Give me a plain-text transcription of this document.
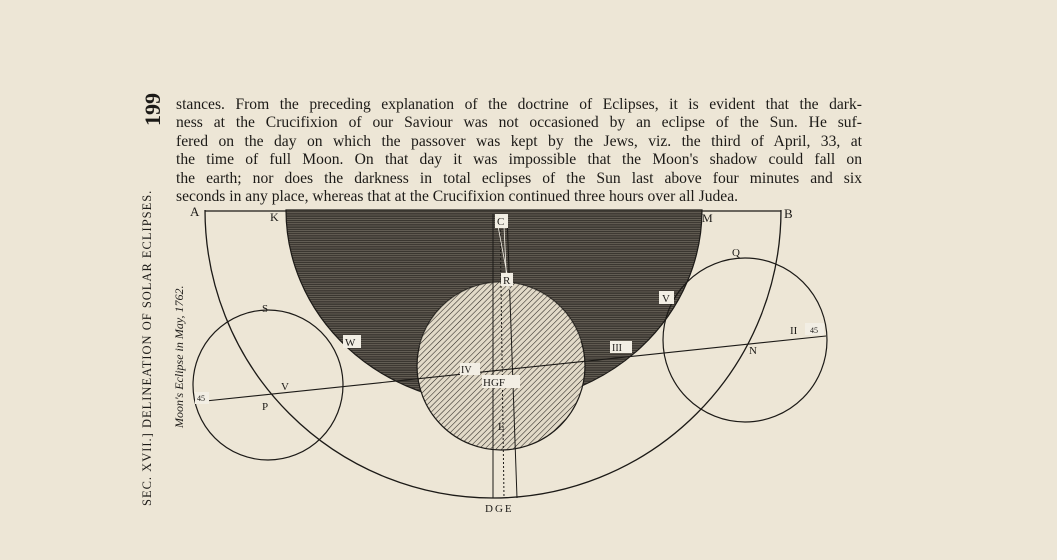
199
SEC. XVII.] DELINEATION OF SOLAR ECLIPSES. Moon's Eclipse in May, 1762.
stances. From the preceding explanation of the doctrine of Eclipses, it is evident that the dark-
ness at the Crucifixion of our Saviour was not occasioned by an eclipse of the Sun. He suf-
fered on the day on which the passover was kept by the Jews, viz. the third of April, 33, at
the time of full Moon. On that day it was impossible that the Moon's shadow could fall on
the earth; nor does the darkness in total eclipses of the Sun last above four minutes and six
seconds in any place, whereas that at the Crucifixion continued three hours over all Judea.
A	B
K	M
C
Q
R
S
V
W	III
II 45
N
IV
HGF
V
P
45
L
DGE
